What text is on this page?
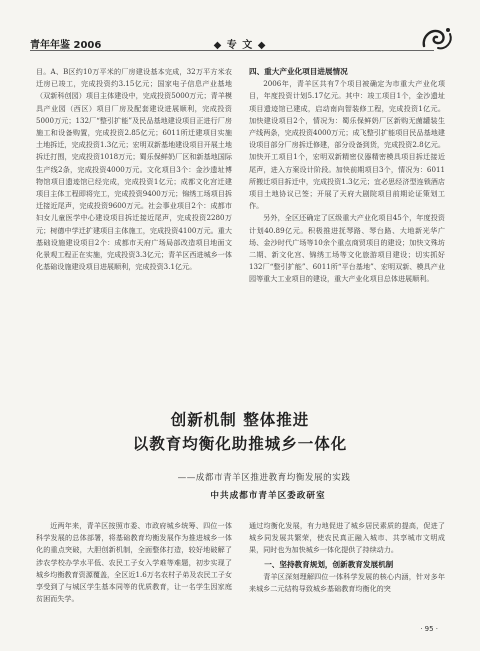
青年年鉴 2006	◆ 专 文 ◆

目。A、B区约10万平米的厂房建设基本完成，32万平方米农迁房已竣工，完成投资约3.15亿元；国家电子信息产业基地（双新科创园）项目主体建设中，完成投资5000万元；青羊模具产业园（西区）项目厂房及配套建设进展顺利，完成投资5000万元；132厂“整引扩能”及民品基地建设项目正进行厂房施工和设备购置，完成投资2.85亿元；6011所迁建项目实施土地拆迁，完成投资1.3亿元；宏明双新基地建设项目开展土地拆迁打围，完成投资1018万元；蜀乐保鲜奶厂区和新基地国际生产线2条，完成投资4000万元。文化项目3个：金沙遗址博物馆项目遗迹馆已经完成，完成投资1亿元；成都文化宫迁建项目主体工程即将完工，完成投资9400万元；锦绣工场项目拆迁接近尾声，完成投资9600万元。社会事业项目2个：成都市妇女儿童医学中心建设项目拆迁接近尾声，完成投资2280万元；树德中学迁扩建项目主体施工，完成投资4100万元。重大基础设施建设项目2个：成都市天府广场局部改造项目地面文化景观工程正在实施，完成投资3.3亿元；青羊区西进城乡一体化基础设施建设项目进展顺利，完成投资3.1亿元。

四、重大产业化项目进展情况

2006年，青羊区共有7个项目被确定为市重大产业化项目，年度投资计划5.17亿元。其中：竣工项目1个，金沙遗址项目遗迹馆已建成，启动南向智装修工程，完成投资1亿元。加快建设项目2个，情况为：蜀乐保鲜奶厂区新购无菌罐装生产线两条，完成投资4000万元；成飞整引扩能项目民品基地建设项目部分厂房拆迁修建，部分设备到货，完成投资2.8亿元。加快开工项目1个，宏明双新精密仪器精密模具项目拆迁接近尾声，进入方案设计阶段。加快前期项目3个，情况为：6011所搬迁项目拆迁中，完成投资1.3亿元；宜必思经济型连锁酒店项目土地协议已签；开展了天府大剧院项目前期论证策划工作。

另外，全区还确定了区级重大产业化项目45个，年度投资计划40.89亿元。积极推进抚琴路、琴台路、大地新光华广场、金沙时代广场等10余个重点商贸项目的建设；加快文殊坊二期、新文化宫、锦绣工场等文化旅游项目建设；切实抓好132厂“整引扩能”、6011所“平台基地”、宏明双新、模具产业园等重大工业项目的建设，重大产业化项目总体进展顺利。

创新机制 整体推进
以教育均衡化助推城乡一体化
——成都市青羊区推进教育均衡发展的实践
中共成都市青羊区委政研室

近两年来，青羊区按照市委、市政府城乡统筹、四位一体科学发展的总体部署，将基础教育均衡发展作为推进城乡一体化的重点突破，大胆创新机制，全面整体打造，较好地破解了涉农学校办学水平低、农民工子女入学难等难题，初步实现了城乡均衡教育资源覆盖，全区近1.6万名农村子弟及农民工子女享受到了与城区学生基本同等的优质教育，让一名学生因家庭贫困而失学。

通过均衡化发展，有力地促进了城乡居民素质的提高，促进了城乡同发展共繁荣，使农民真正融入城市、共享城市文明成果，同时也为加快城乡一体化提供了持续动力。

一、坚持教育规划，创新教育发展机制

青羊区深刻理解四位一体科学发展的核心内涵，针对多年来城乡二元结构导致城乡基础教育均衡化的突

· 95 ·
